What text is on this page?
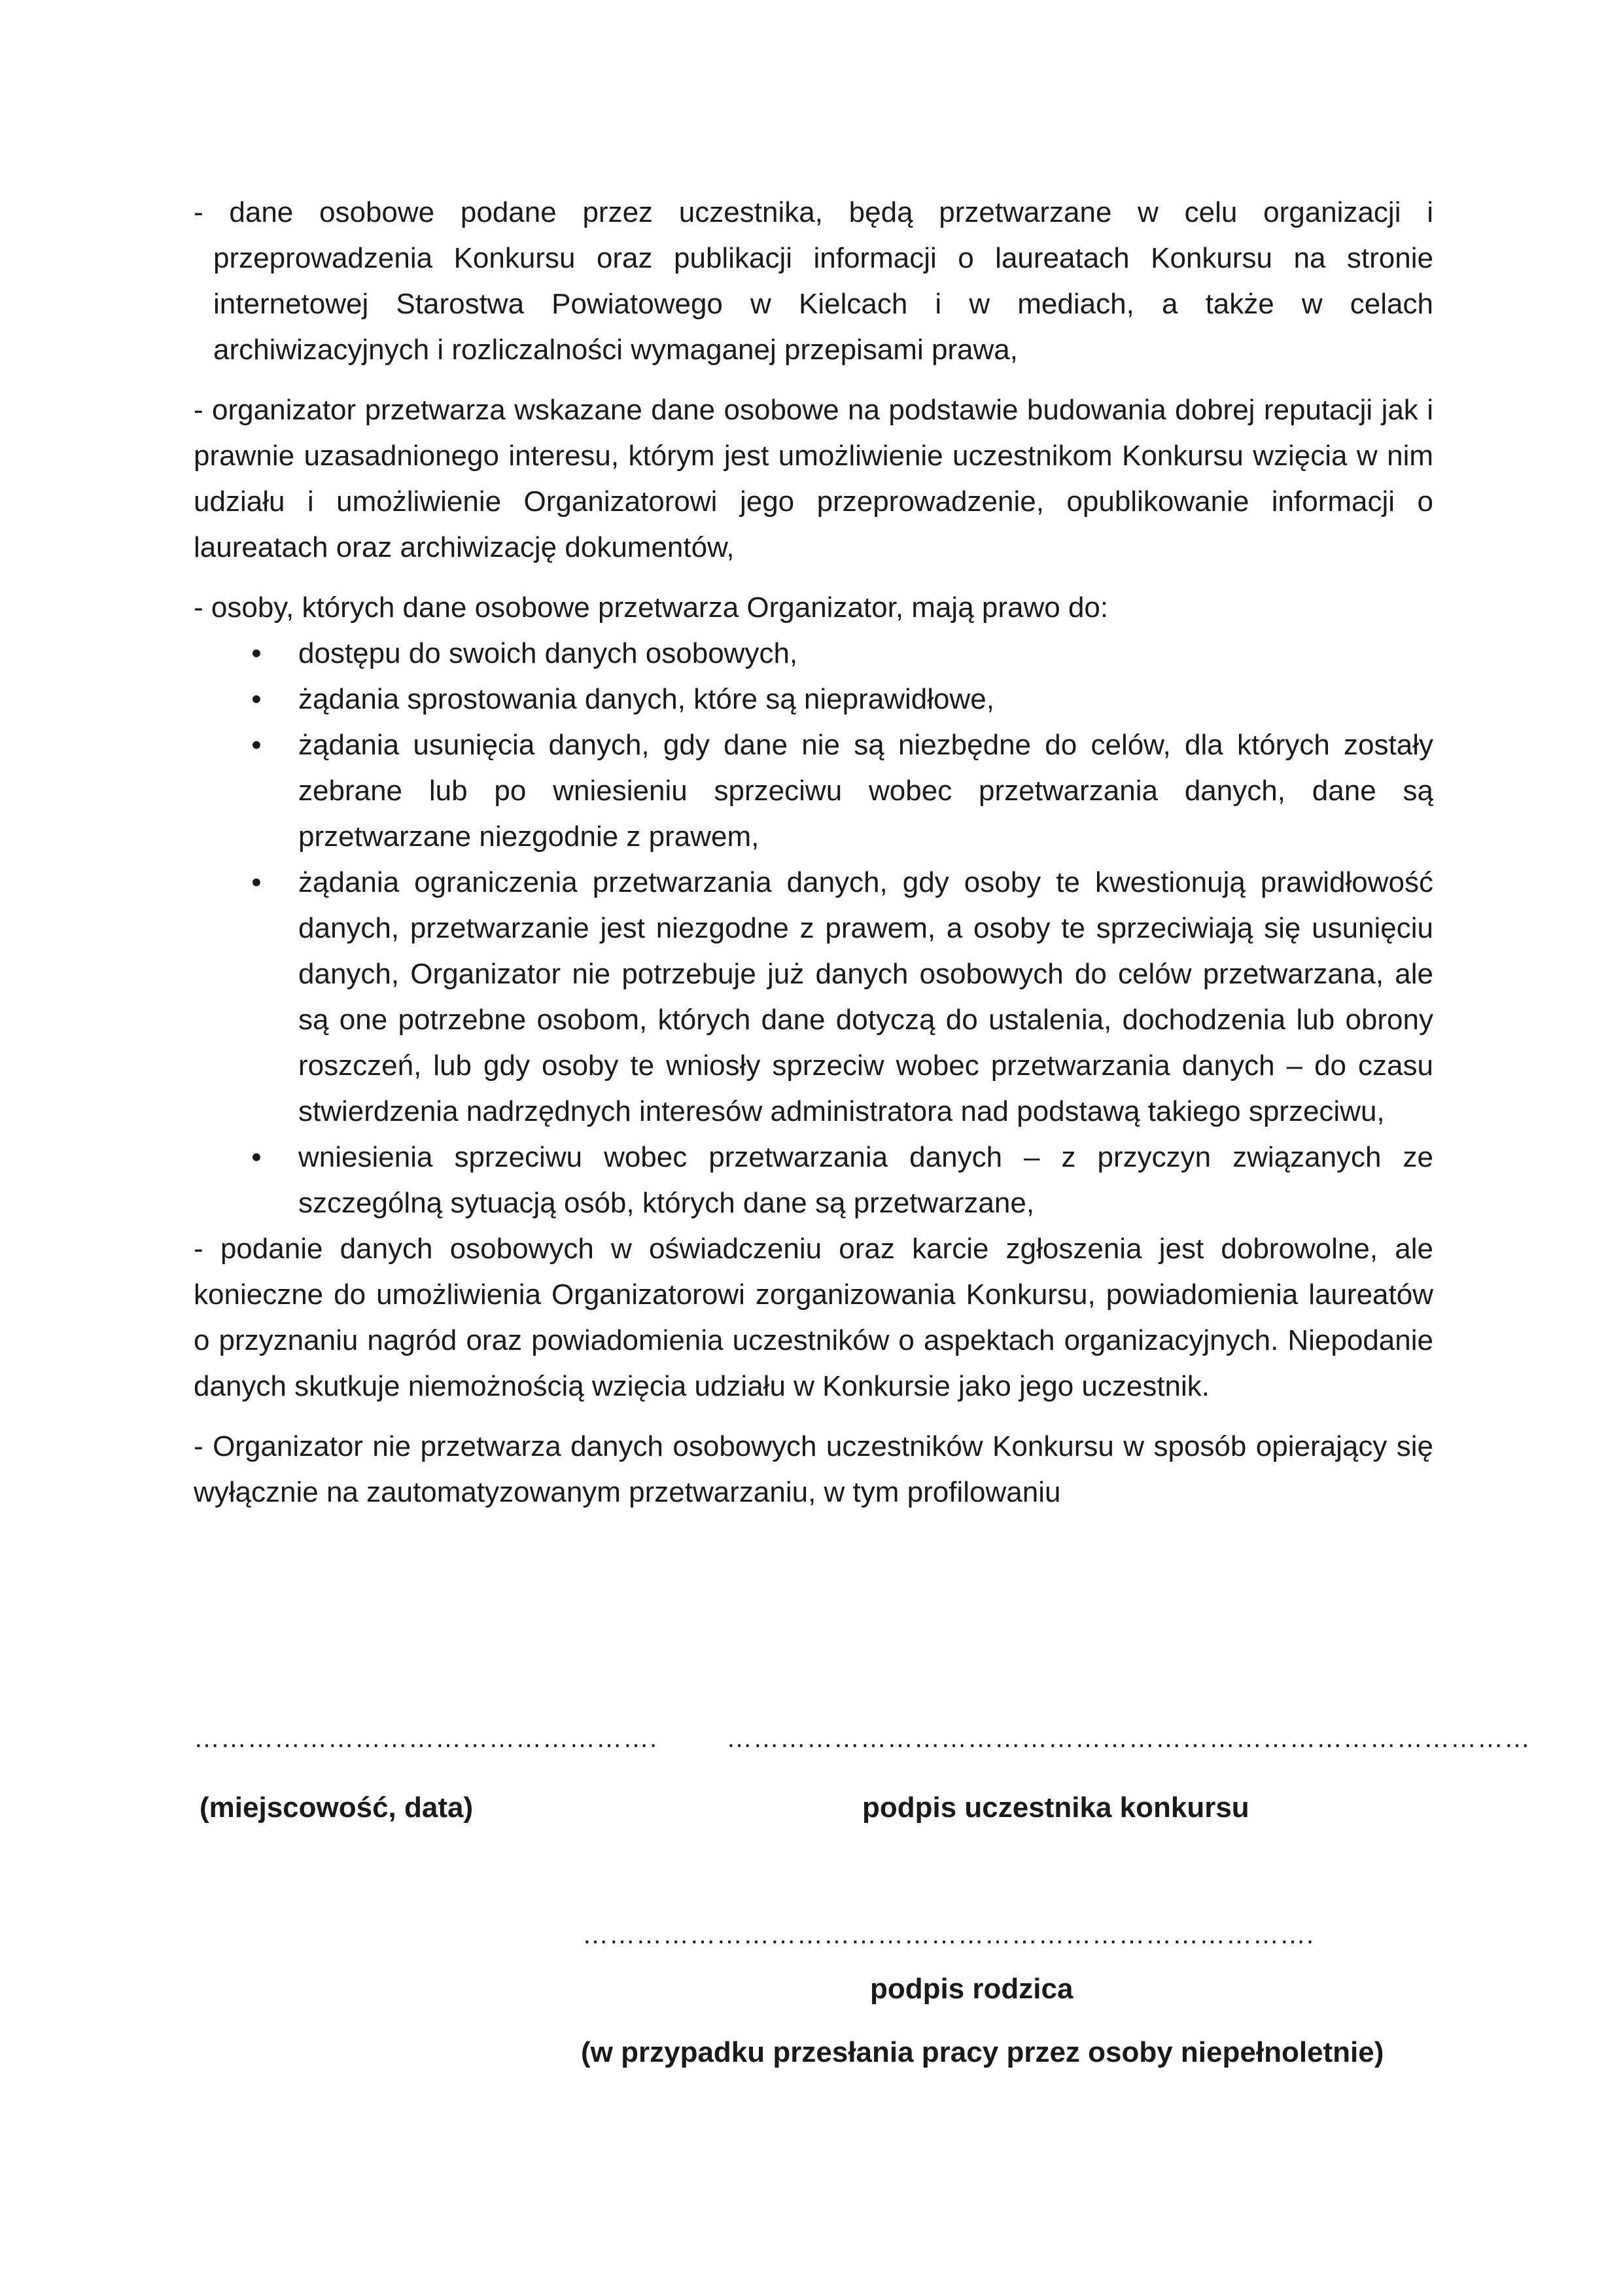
- dane osobowe podane przez uczestnika, będą przetwarzane w celu organizacji i przeprowadzenia Konkursu oraz publikacji informacji o laureatach Konkursu na stronie internetowej Starostwa Powiatowego w Kielcach i w mediach, a także w celach archiwizacyjnych i rozliczalności wymaganej przepisami prawa,

- organizator przetwarza wskazane dane osobowe na podstawie budowania dobrej reputacji jak i prawnie uzasadnionego interesu, którym jest umożliwienie uczestnikom Konkursu wzięcia w nim udziału i umożliwienie Organizatorowi jego przeprowadzenie, opublikowanie informacji o laureatach oraz archiwizację dokumentów,

- osoby, których dane osobowe przetwarza Organizator, mają prawo do:

• dostępu do swoich danych osobowych,
• żądania sprostowania danych, które są nieprawidłowe,
• żądania usunięcia danych, gdy dane nie są niezbędne do celów, dla których zostały zebrane lub po wniesieniu sprzeciwu wobec przetwarzania danych, dane są przetwarzane niezgodnie z prawem,
• żądania ograniczenia przetwarzania danych, gdy osoby te kwestionują prawidłowość danych, przetwarzanie jest niezgodne z prawem, a osoby te sprzeciwiają się usunięciu danych, Organizator nie potrzebuje już danych osobowych do celów przetwarzana, ale są one potrzebne osobom, których dane dotyczą do ustalenia, dochodzenia lub obrony roszczeń, lub gdy osoby te wniosły sprzeciw wobec przetwarzania danych – do czasu stwierdzenia nadrzędnych interesów administratora nad podstawą takiego sprzeciwu,
• wniesienia sprzeciwu wobec przetwarzania danych – z przyczyn związanych ze szczególną sytuacją osób, których dane są przetwarzane,

- podanie danych osobowych w oświadczeniu oraz karcie zgłoszenia jest dobrowolne, ale konieczne do umożliwienia Organizatorowi zorganizowania Konkursu, powiadomienia laureatów o przyznaniu nagród oraz powiadomienia uczestników o aspektach organizacyjnych. Niepodanie danych skutkuje niemożnością wzięcia udziału w Konkursie jako jego uczestnik.

- Organizator nie przetwarza danych osobowych uczestników Konkursu w sposób opierający się wyłącznie na zautomatyzowanym przetwarzaniu, w tym profilowaniu

…………………………………………….	………………………………………………………………………………
(miejscowość, data)	podpis uczestnika konkursu
……………………………………………………………………….
podpis rodzica
(w przypadku przesłania pracy przez osoby niepełnoletnie)
